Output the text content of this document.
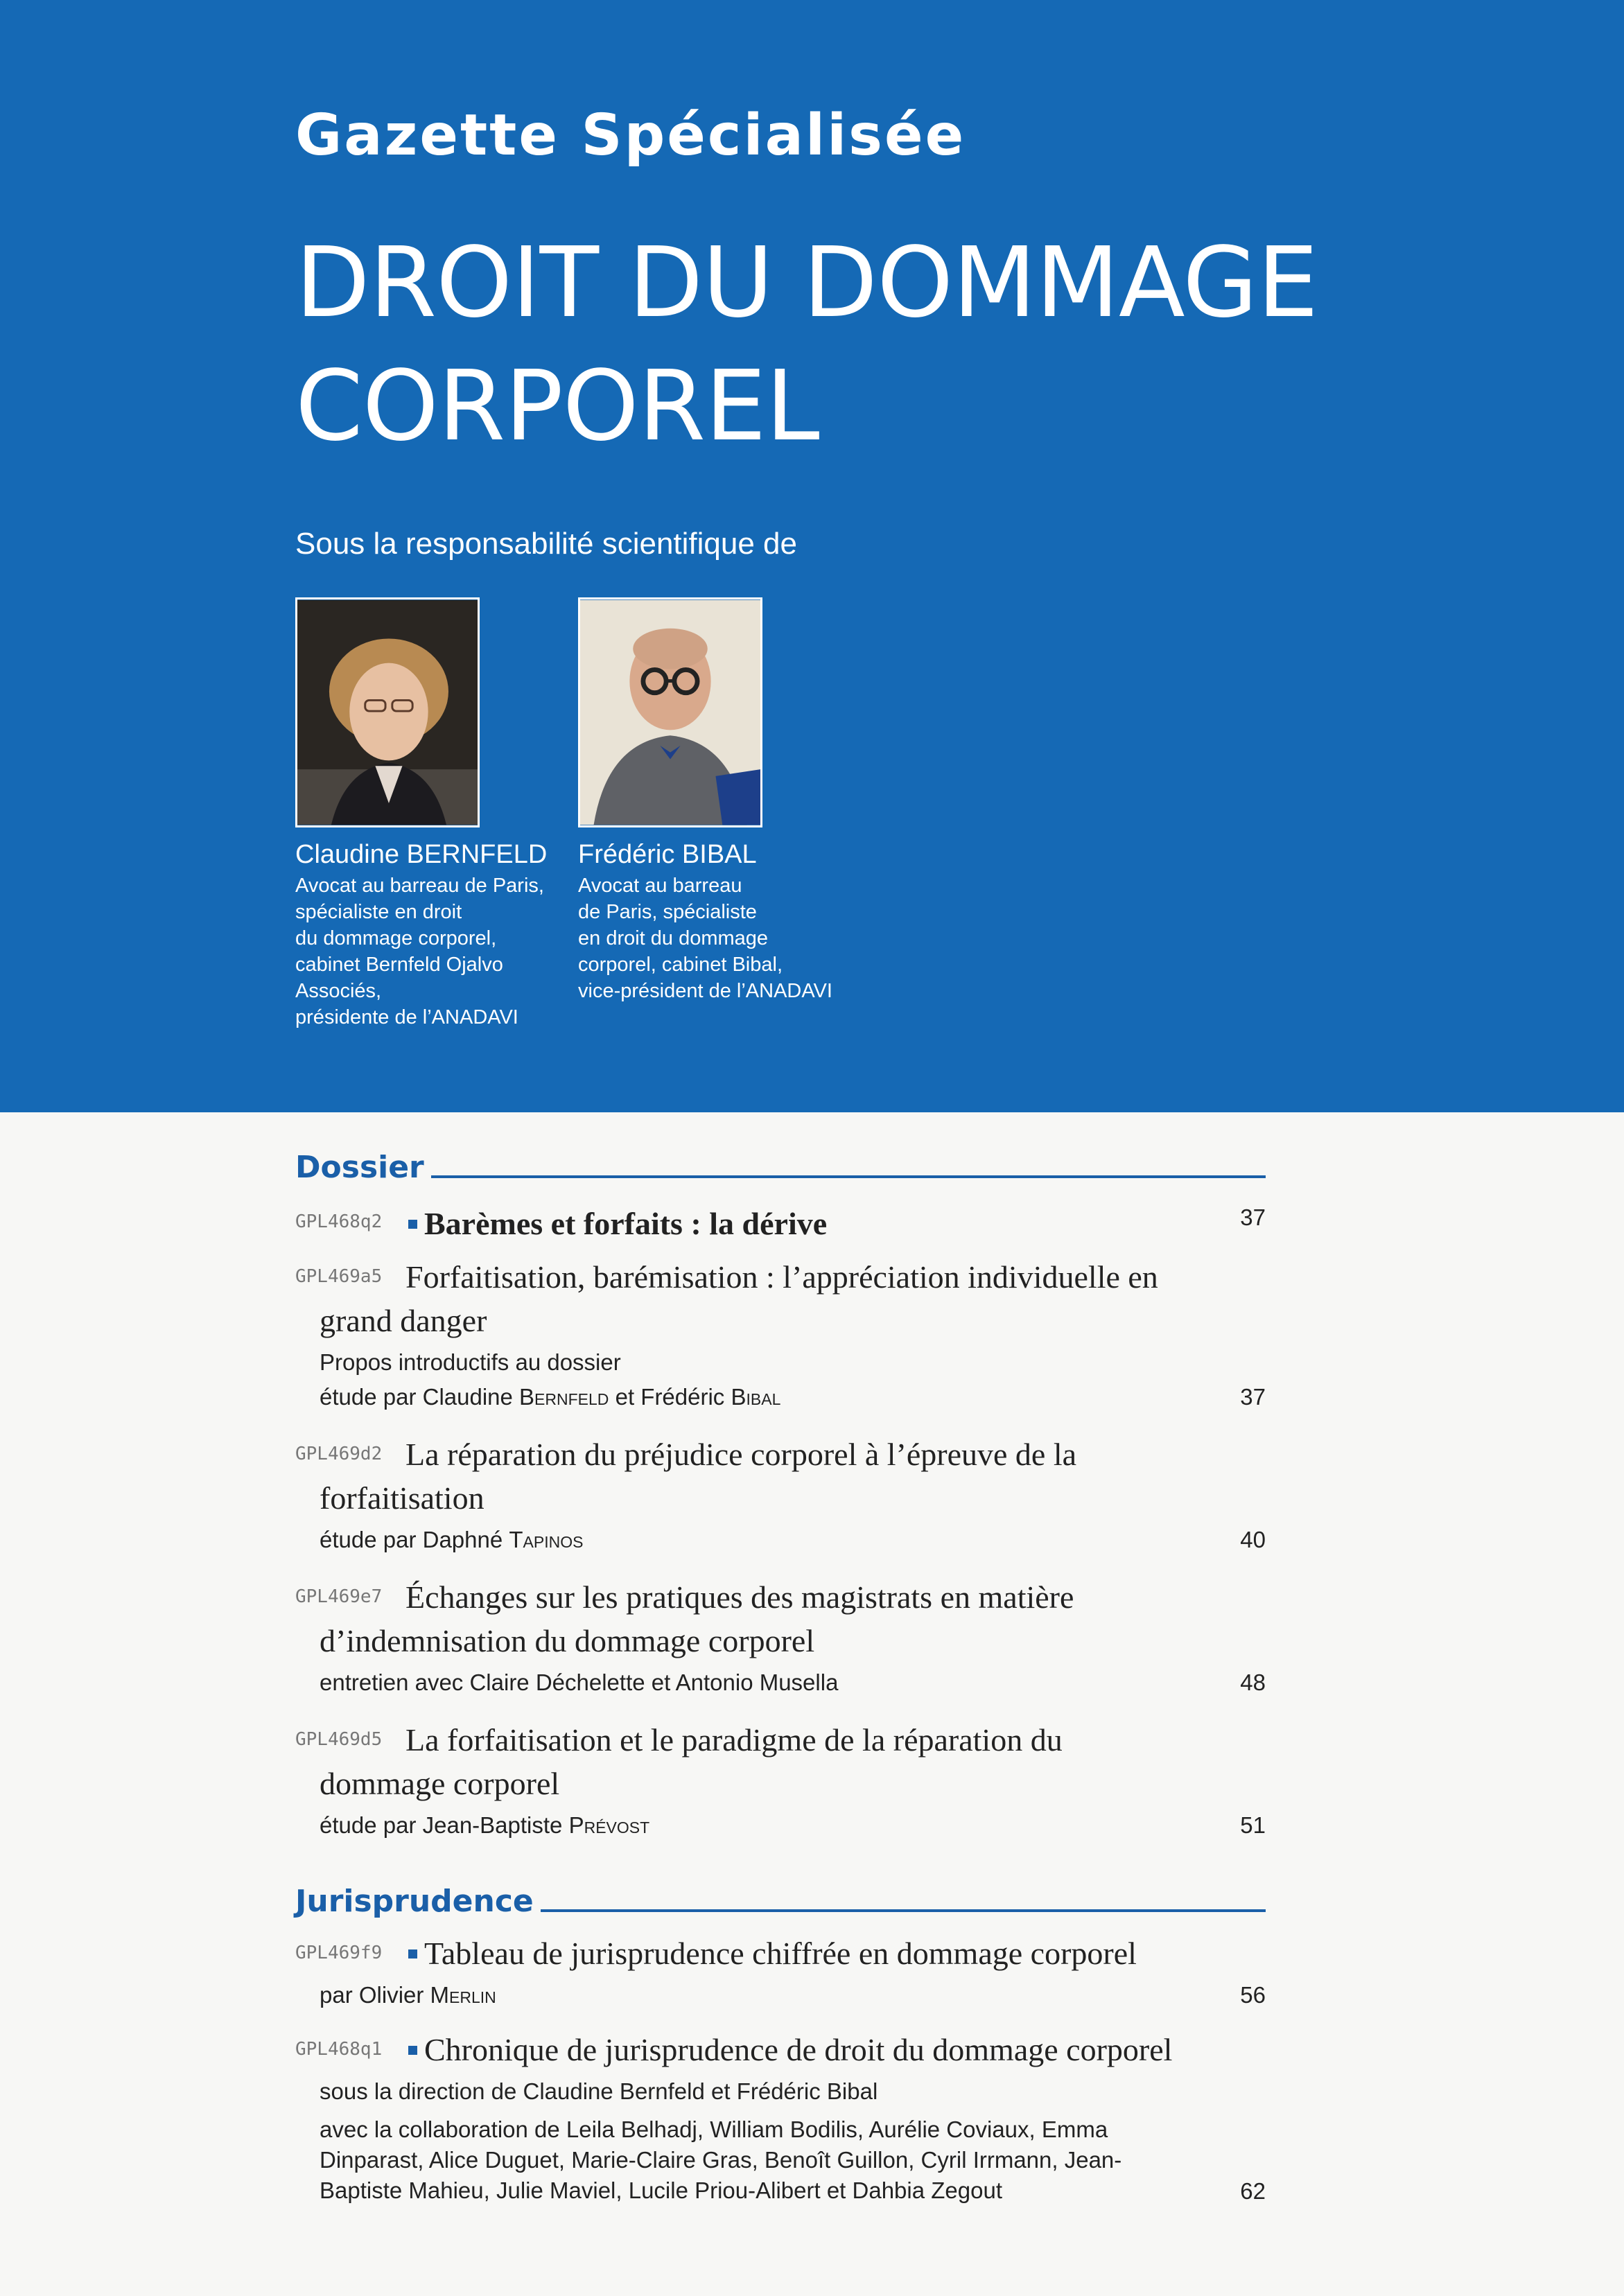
Gazette Spécialisée
DROIT DU DOMMAGE
CORPOREL
Sous la responsabilité scientifique de
Claudine BERNFELD
Avocat au barreau de Paris,
spécialiste en droit
du dommage corporel,
cabinet Bernfeld Ojalvo
Associés,
présidente de l’ANADAVI
Frédéric BIBAL
Avocat au barreau
de Paris, spécialiste
en droit du dommage
corporel, cabinet Bibal,
vice-président de l’ANADAVI
Dossier
GPL468q2	Barèmes et forfaits : la dérive	37
GPL469a5 Forfaitisation, barémisation : l’appréciation individuelle en grand danger
Propos introductifs au dossier
étude par Claudine Bernfeld et Frédéric Bibal	37
GPL469d2 La réparation du préjudice corporel à l’épreuve de la forfaitisation
étude par Daphné Tapinos	40
GPL469e7 Échanges sur les pratiques des magistrats en matière d’indemnisation du dommage corporel
entretien avec Claire Déchelette et Antonio Musella	48
GPL469d5 La forfaitisation et le paradigme de la réparation du dommage corporel
étude par Jean-Baptiste Prévost	51
Jurisprudence
GPL469f9	Tableau de jurisprudence chiffrée en dommage corporel
par Olivier Merlin	56
GPL468q1	Chronique de jurisprudence de droit du dommage corporel
sous la direction de Claudine Bernfeld et Frédéric Bibal
avec la collaboration de Leila Belhadj, William Bodilis, Aurélie Coviaux, Emma Dinparast, Alice Duguet, Marie-Claire Gras, Benoît Guillon, Cyril Irrmann, Jean-Baptiste Mahieu, Julie Maviel, Lucile Priou-Alibert et Dahbia Zegout	62
